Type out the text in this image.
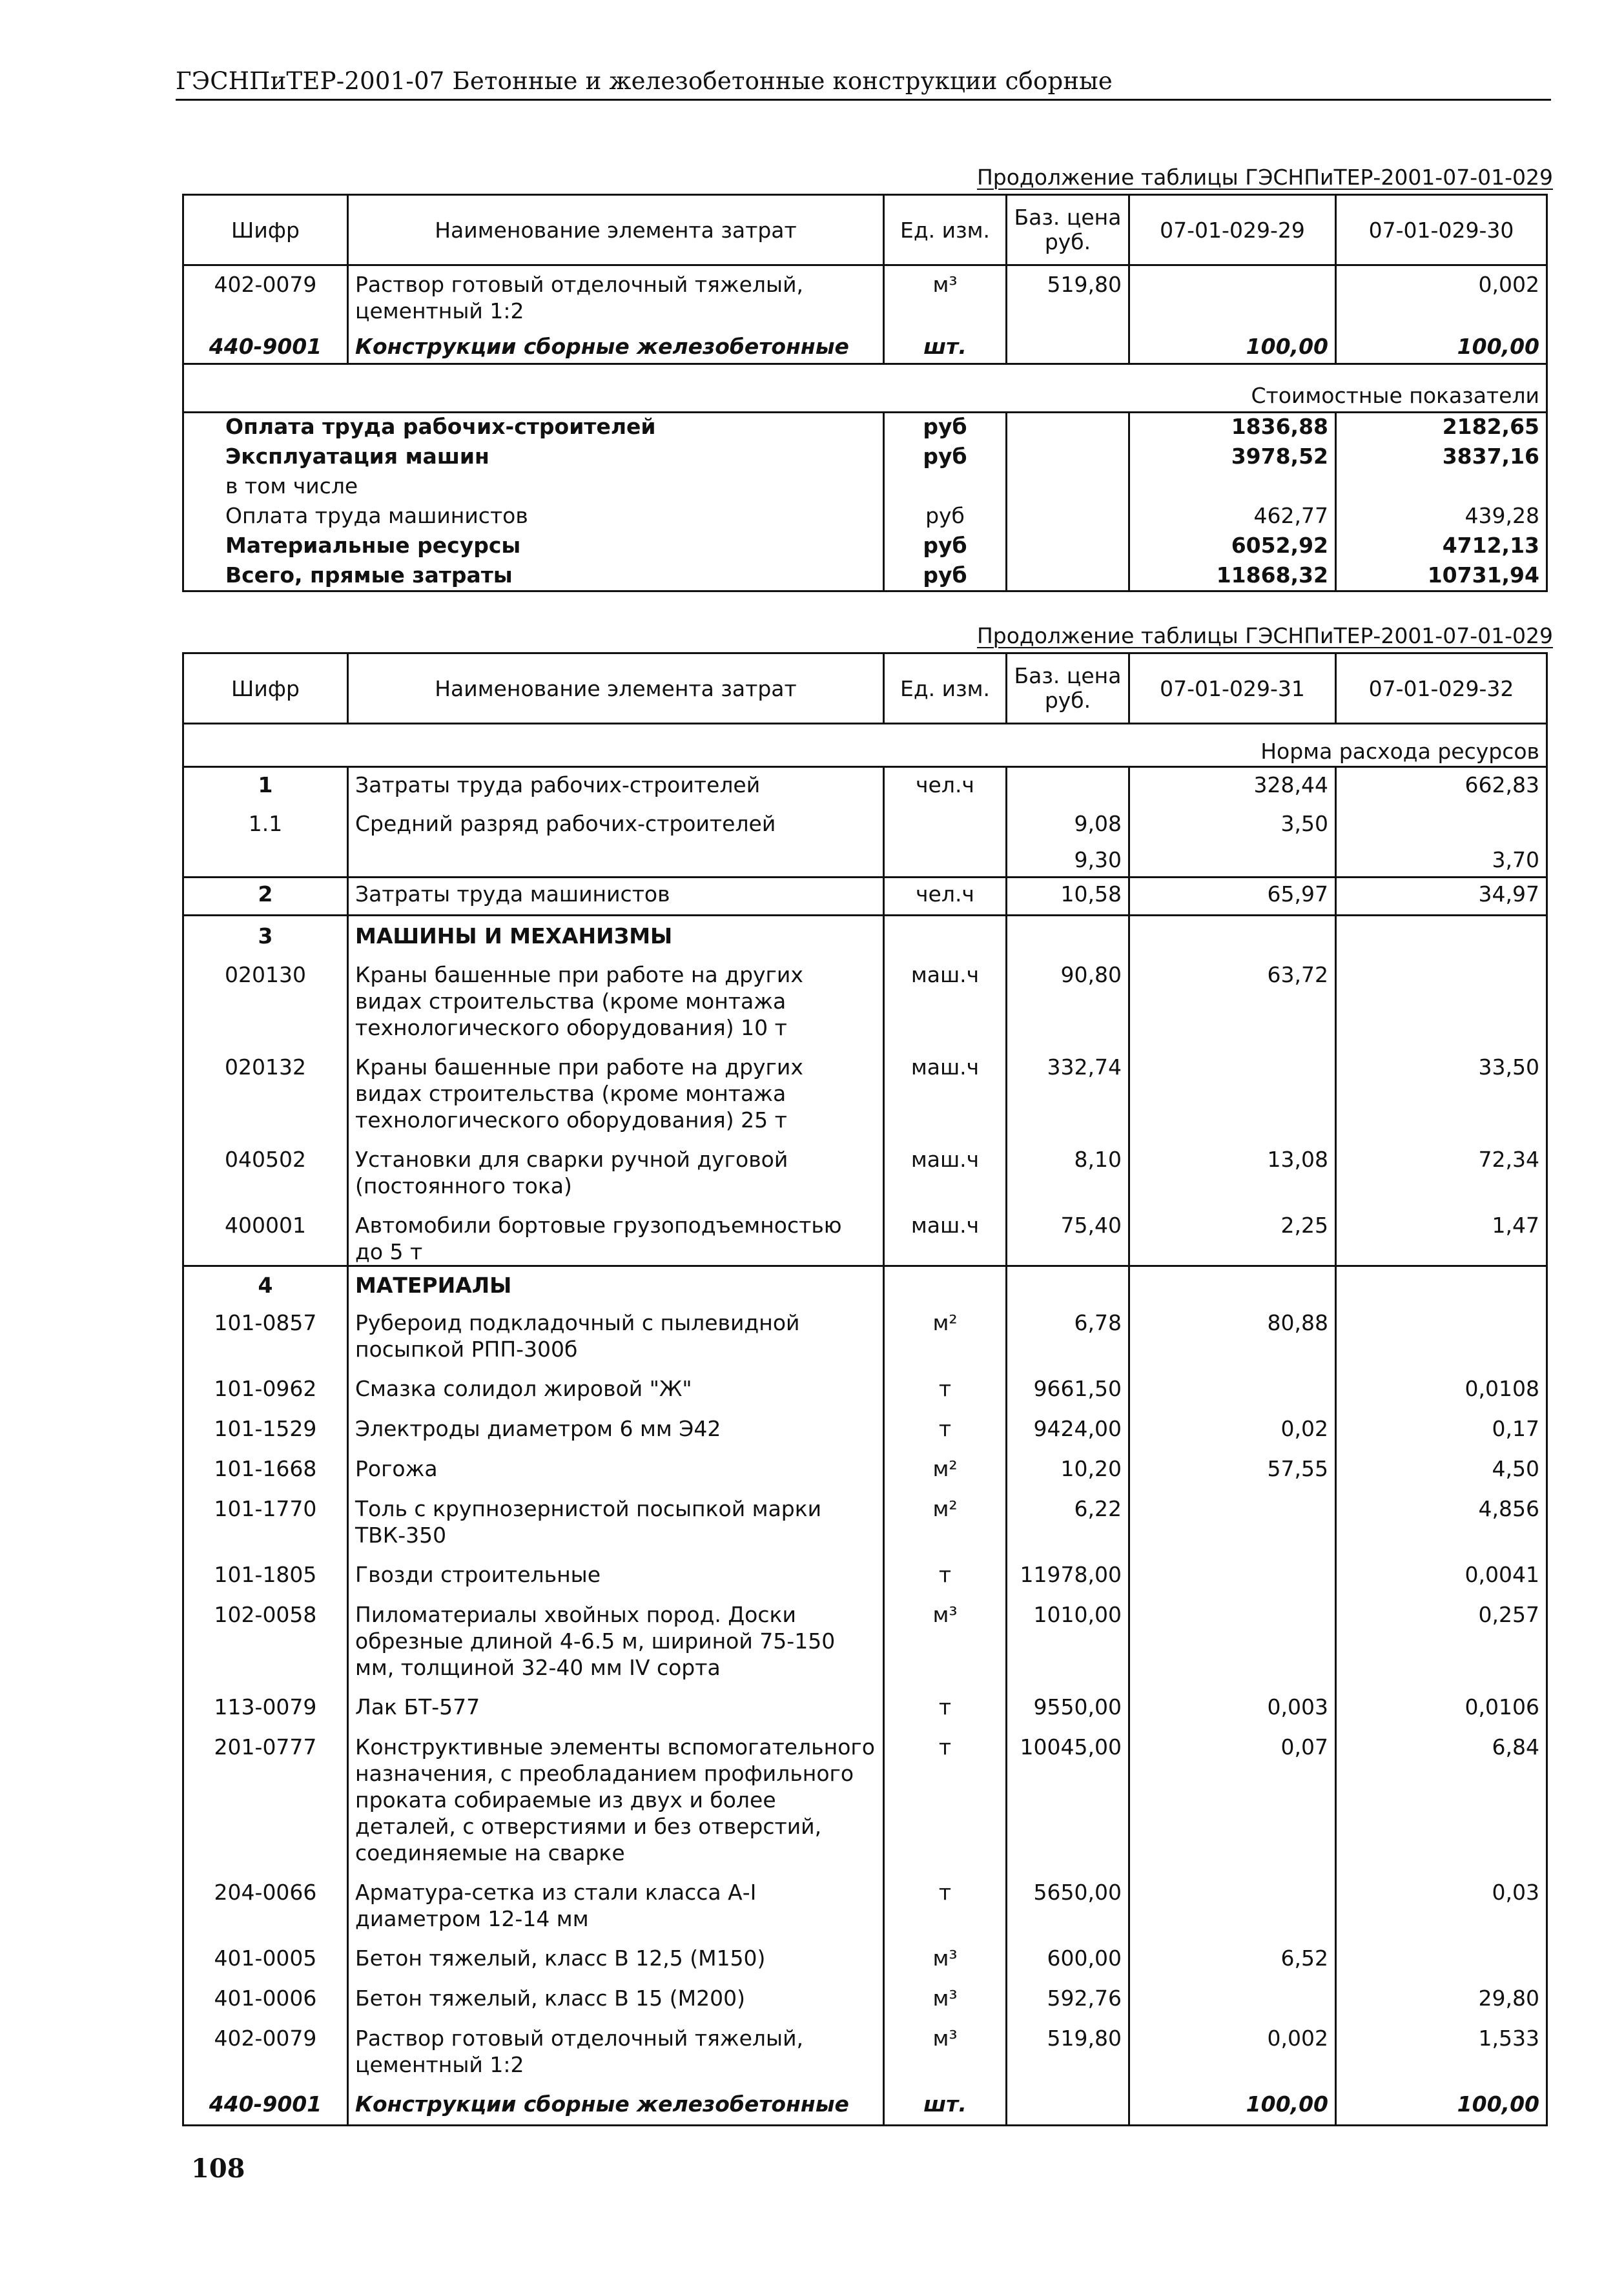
ГЭСНПиТЕР-2001-07 Бетонные и железобетонные конструкции сборные
Продолжение таблицы ГЭСНПиТЕР-2001-07-01-029
Шифр	Наименование элемента затрат	Ед. изм.	Баз. цена руб.	07-01-029-29	07-01-029-30
402-0079	Раствор готовый отделочный тяжелый, цементный 1:2	м³	519,80		0,002
440-9001	Конструкции сборные железобетонные	шт.		100,00	100,00
Стоимостные показатели					
Оплата труда рабочих-строителей		руб		1836,88	2182,65
Эксплуатация машин		руб		3978,52	3837,16
в том числе					
Оплата труда машинистов		руб		462,77	439,28
Материальные ресурсы		руб		6052,92	4712,13
Всего, прямые затраты		руб		11868,32	10731,94
Продолжение таблицы ГЭСНПиТЕР-2001-07-01-029
Шифр	Наименование элемента затрат	Ед. изм.	Баз. цена руб.	07-01-029-31	07-01-029-32
Норма расхода ресурсов					
1	Затраты труда рабочих-строителей	чел.ч		328,44	662,83
1.1	Средний разряд рабочих-строителей		9,08	3,50	
			9,30		3,70
2	Затраты труда машинистов	чел.ч	10,58	65,97	34,97
3	МАШИНЫ И МЕХАНИЗМЫ				
020130	Краны башенные при работе на других видах строительства (кроме монтажа технологического оборудования) 10 т	маш.ч	90,80	63,72	
020132	Краны башенные при работе на других видах строительства (кроме монтажа технологического оборудования) 25 т	маш.ч	332,74		33,50
040502	Установки для сварки ручной дуговой (постоянного тока)	маш.ч	8,10	13,08	72,34
400001	Автомобили бортовые грузоподъемностью до 5 т	маш.ч	75,40	2,25	1,47
4	МАТЕРИАЛЫ				
101-0857	Рубероид подкладочный с пылевидной посыпкой РПП-300б	м²	6,78	80,88	
101-0962	Смазка солидол жировой "Ж"	т	9661,50		0,0108
101-1529	Электроды диаметром 6 мм Э42	т	9424,00	0,02	0,17
101-1668	Рогожа	м²	10,20	57,55	4,50
101-1770	Толь с крупнозернистой посыпкой марки ТВК-350	м²	6,22		4,856
101-1805	Гвозди строительные	т	11978,00		0,0041
102-0058	Пиломатериалы хвойных пород. Доски обрезные длиной 4-6.5 м, шириной 75-150 мм, толщиной 32-40 мм IV сорта	м³	1010,00		0,257
113-0079	Лак БТ-577	т	9550,00	0,003	0,0106
201-0777	Конструктивные элементы вспомогательного назначения, с преобладанием профильного проката собираемые из двух и более деталей, с отверстиями и без отверстий, соединяемые на сварке	т	10045,00	0,07	6,84
204-0066	Арматура-сетка из стали класса А-I диаметром 12-14 мм	т	5650,00		0,03
401-0005	Бетон тяжелый, класс В 12,5 (М150)	м³	600,00	6,52	
401-0006	Бетон тяжелый, класс В 15 (М200)	м³	592,76		29,80
402-0079	Раствор готовый отделочный тяжелый, цементный 1:2	м³	519,80	0,002	1,533
440-9001	Конструкции сборные железобетонные	шт.		100,00	100,00
108
